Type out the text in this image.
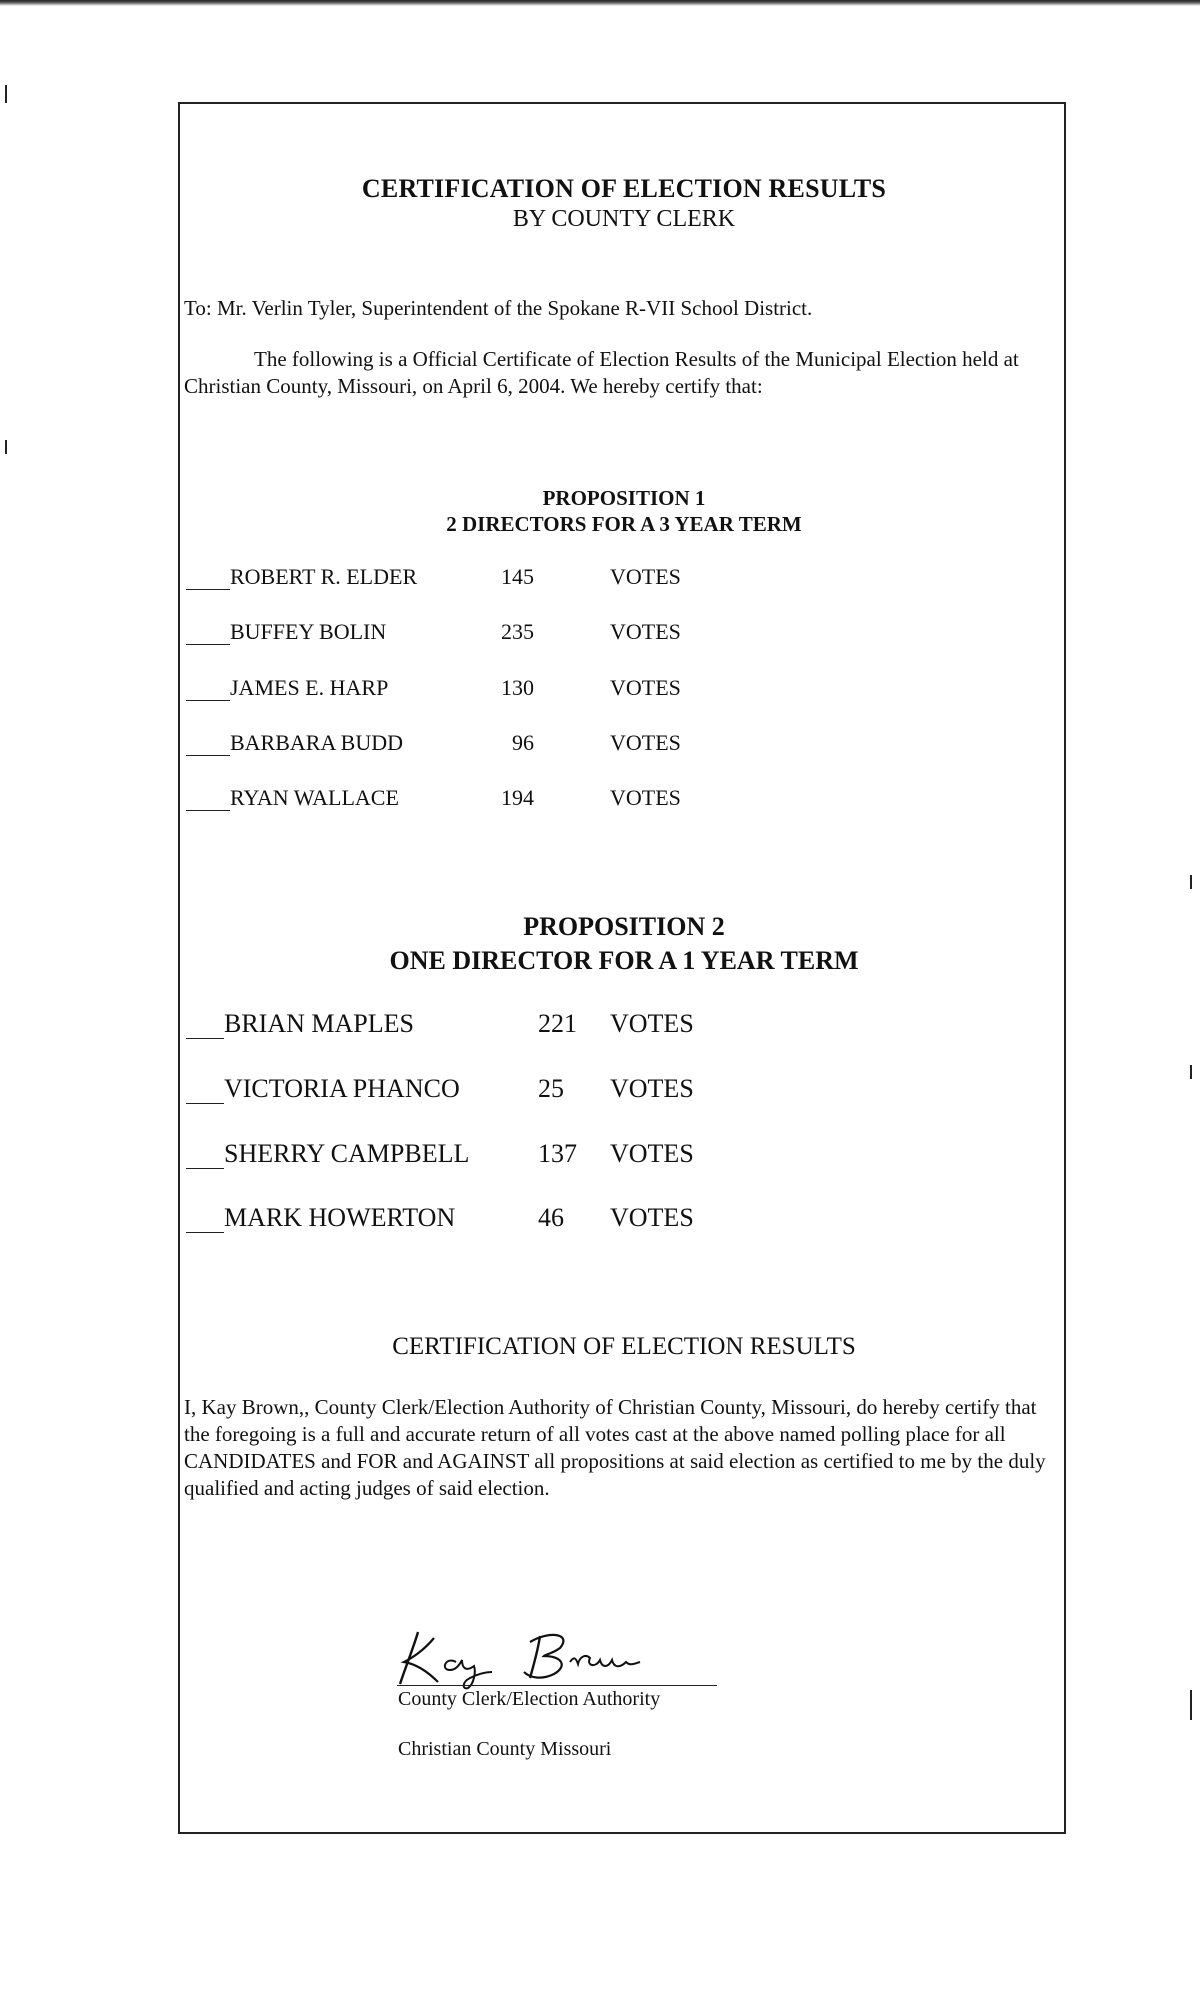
CERTIFICATION OF ELECTION RESULTS
BY COUNTY CLERK
To: Mr. Verlin Tyler, Superintendent of the Spokane R-VII School District.
The following is a Official Certificate of Election Results of the Municipal Election held at Christian County, Missouri, on April 6, 2004. We hereby certify that:
PROPOSITION 1
2 DIRECTORS FOR A 3 YEAR TERM
ROBERT R. ELDER	145	VOTES
BUFFEY BOLIN	235	VOTES
JAMES E. HARP	130	VOTES
BARBARA BUDD	96	VOTES
RYAN WALLACE	194	VOTES
PROPOSITION 2
ONE DIRECTOR FOR A 1 YEAR TERM
BRIAN MAPLES	221 VOTES
VICTORIA PHANCO	25 VOTES
SHERRY CAMPBELL	137 VOTES
MARK HOWERTON	46 VOTES
CERTIFICATION OF ELECTION RESULTS
I, Kay Brown,, County Clerk/Election Authority of Christian County, Missouri, do hereby certify that the foregoing is a full and accurate return of all votes cast at the above named polling place for all CANDIDATES and FOR and AGAINST all propositions at said election as certified to me by the duly qualified and acting judges of said election.
County Clerk/Election Authority
Christian County Missouri
